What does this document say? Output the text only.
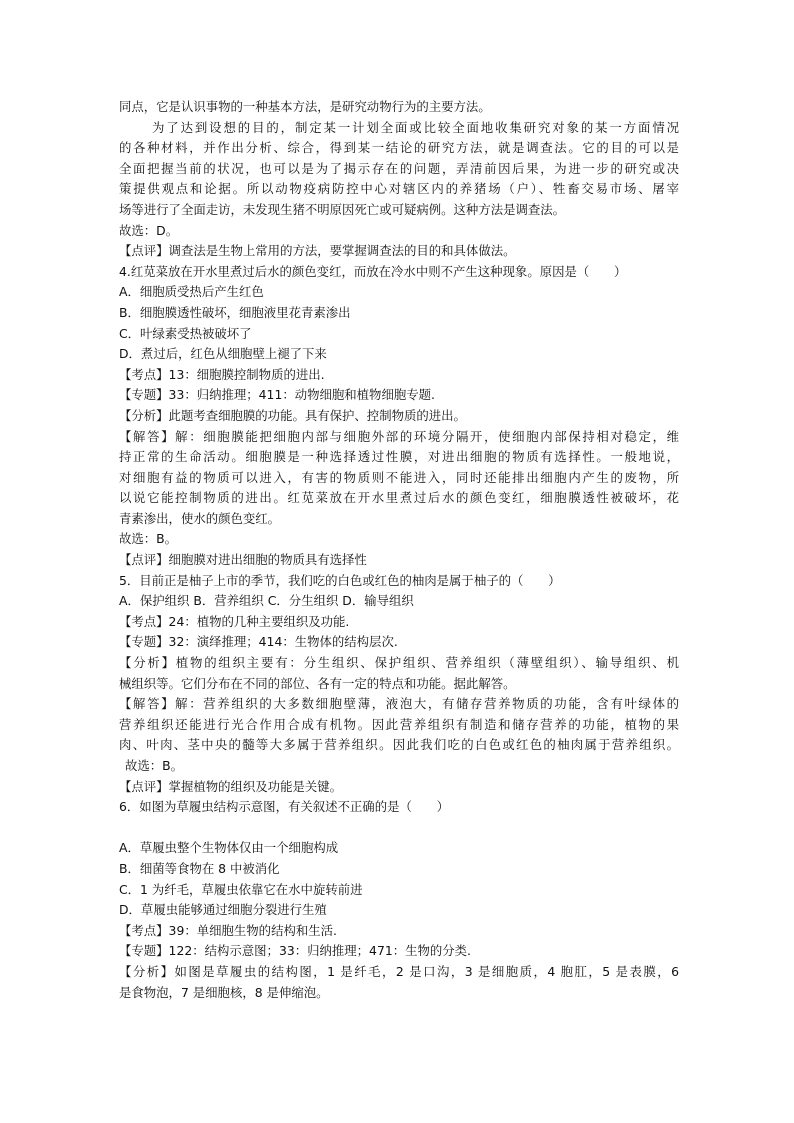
同点，它是认识事物的一种基本方法，是研究动物行为的主要方法。
为了达到设想的目的，制定某一计划全面或比较全面地收集研究对象的某一方面情况
的各种材料，并作出分析、综合，得到某一结论的研究方法，就是调查法。它的目的可以是
全面把握当前的状况，也可以是为了揭示存在的问题，弄清前因后果，为进一步的研究或决
策提供观点和论据。所以动物疫病防控中心对辖区内的养猪场（户）、牲畜交易市场、屠宰
场等进行了全面走访，未发现生猪不明原因死亡或可疑病例。这种方法是调查法。
故选：D。
【点评】调查法是生物上常用的方法，要掌握调查法的目的和具体做法。
4.红苋菜放在开水里煮过后水的颜色变红，而放在冷水中则不产生这种现象。原因是（　　）
A．细胞质受热后产生红色
B．细胞膜透性破坏，细胞液里花青素渗出
C．叶绿素受热被破坏了
D．煮过后，红色从细胞壁上褪了下来
【考点】13：细胞膜控制物质的进出.
【专题】33：归纳推理；411：动物细胞和植物细胞专题.
【分析】此题考查细胞膜的功能。具有保护、控制物质的进出。
【解答】解：细胞膜能把细胞内部与细胞外部的环境分隔开，使细胞内部保持相对稳定，维
持正常的生命活动。细胞膜是一种选择透过性膜，对进出细胞的物质有选择性。一般地说，
对细胞有益的物质可以进入，有害的物质则不能进入，同时还能排出细胞内产生的废物，所
以说它能控制物质的进出。红苋菜放在开水里煮过后水的颜色变红，细胞膜透性被破坏，花
青素渗出，使水的颜色变红。
故选：B。
【点评】细胞膜对进出细胞的物质具有选择性
5．目前正是柚子上市的季节，我们吃的白色或红色的柚肉是属于柚子的（　　）
A．保护组织 B．营养组织 C．分生组织 D．输导组织
【考点】24：植物的几种主要组织及功能.
【专题】32：演绎推理；414：生物体的结构层次.
【分析】植物的组织主要有：分生组织、保护组织、营养组织（薄壁组织）、输导组织、机
械组织等。它们分布在不同的部位、各有一定的特点和功能。据此解答。
【解答】解：营养组织的大多数细胞壁薄，液泡大，有储存营养物质的功能，含有叶绿体的
营养组织还能进行光合作用合成有机物。因此营养组织有制造和储存营养的功能，植物的果
肉、叶肉、茎中央的髓等大多属于营养组织。因此我们吃的白色或红色的柚肉属于营养组织。
故选：B。
【点评】掌握植物的组织及功能是关键。
6．如图为草履虫结构示意图，有关叙述不正确的是（　　）
A．草履虫整个生物体仅由一个细胞构成
B．细菌等食物在 8 中被消化
C．1 为纤毛，草履虫依靠它在水中旋转前进
D．草履虫能够通过细胞分裂进行生殖
【考点】39：单细胞生物的结构和生活.
【专题】122：结构示意图；33：归纳推理；471：生物的分类.
【分析】如图是草履虫的结构图，1 是纤毛，2 是口沟，3 是细胞质，4 胞肛，5 是表膜，6
是食物泡，7 是细胞核，8 是伸缩泡。
